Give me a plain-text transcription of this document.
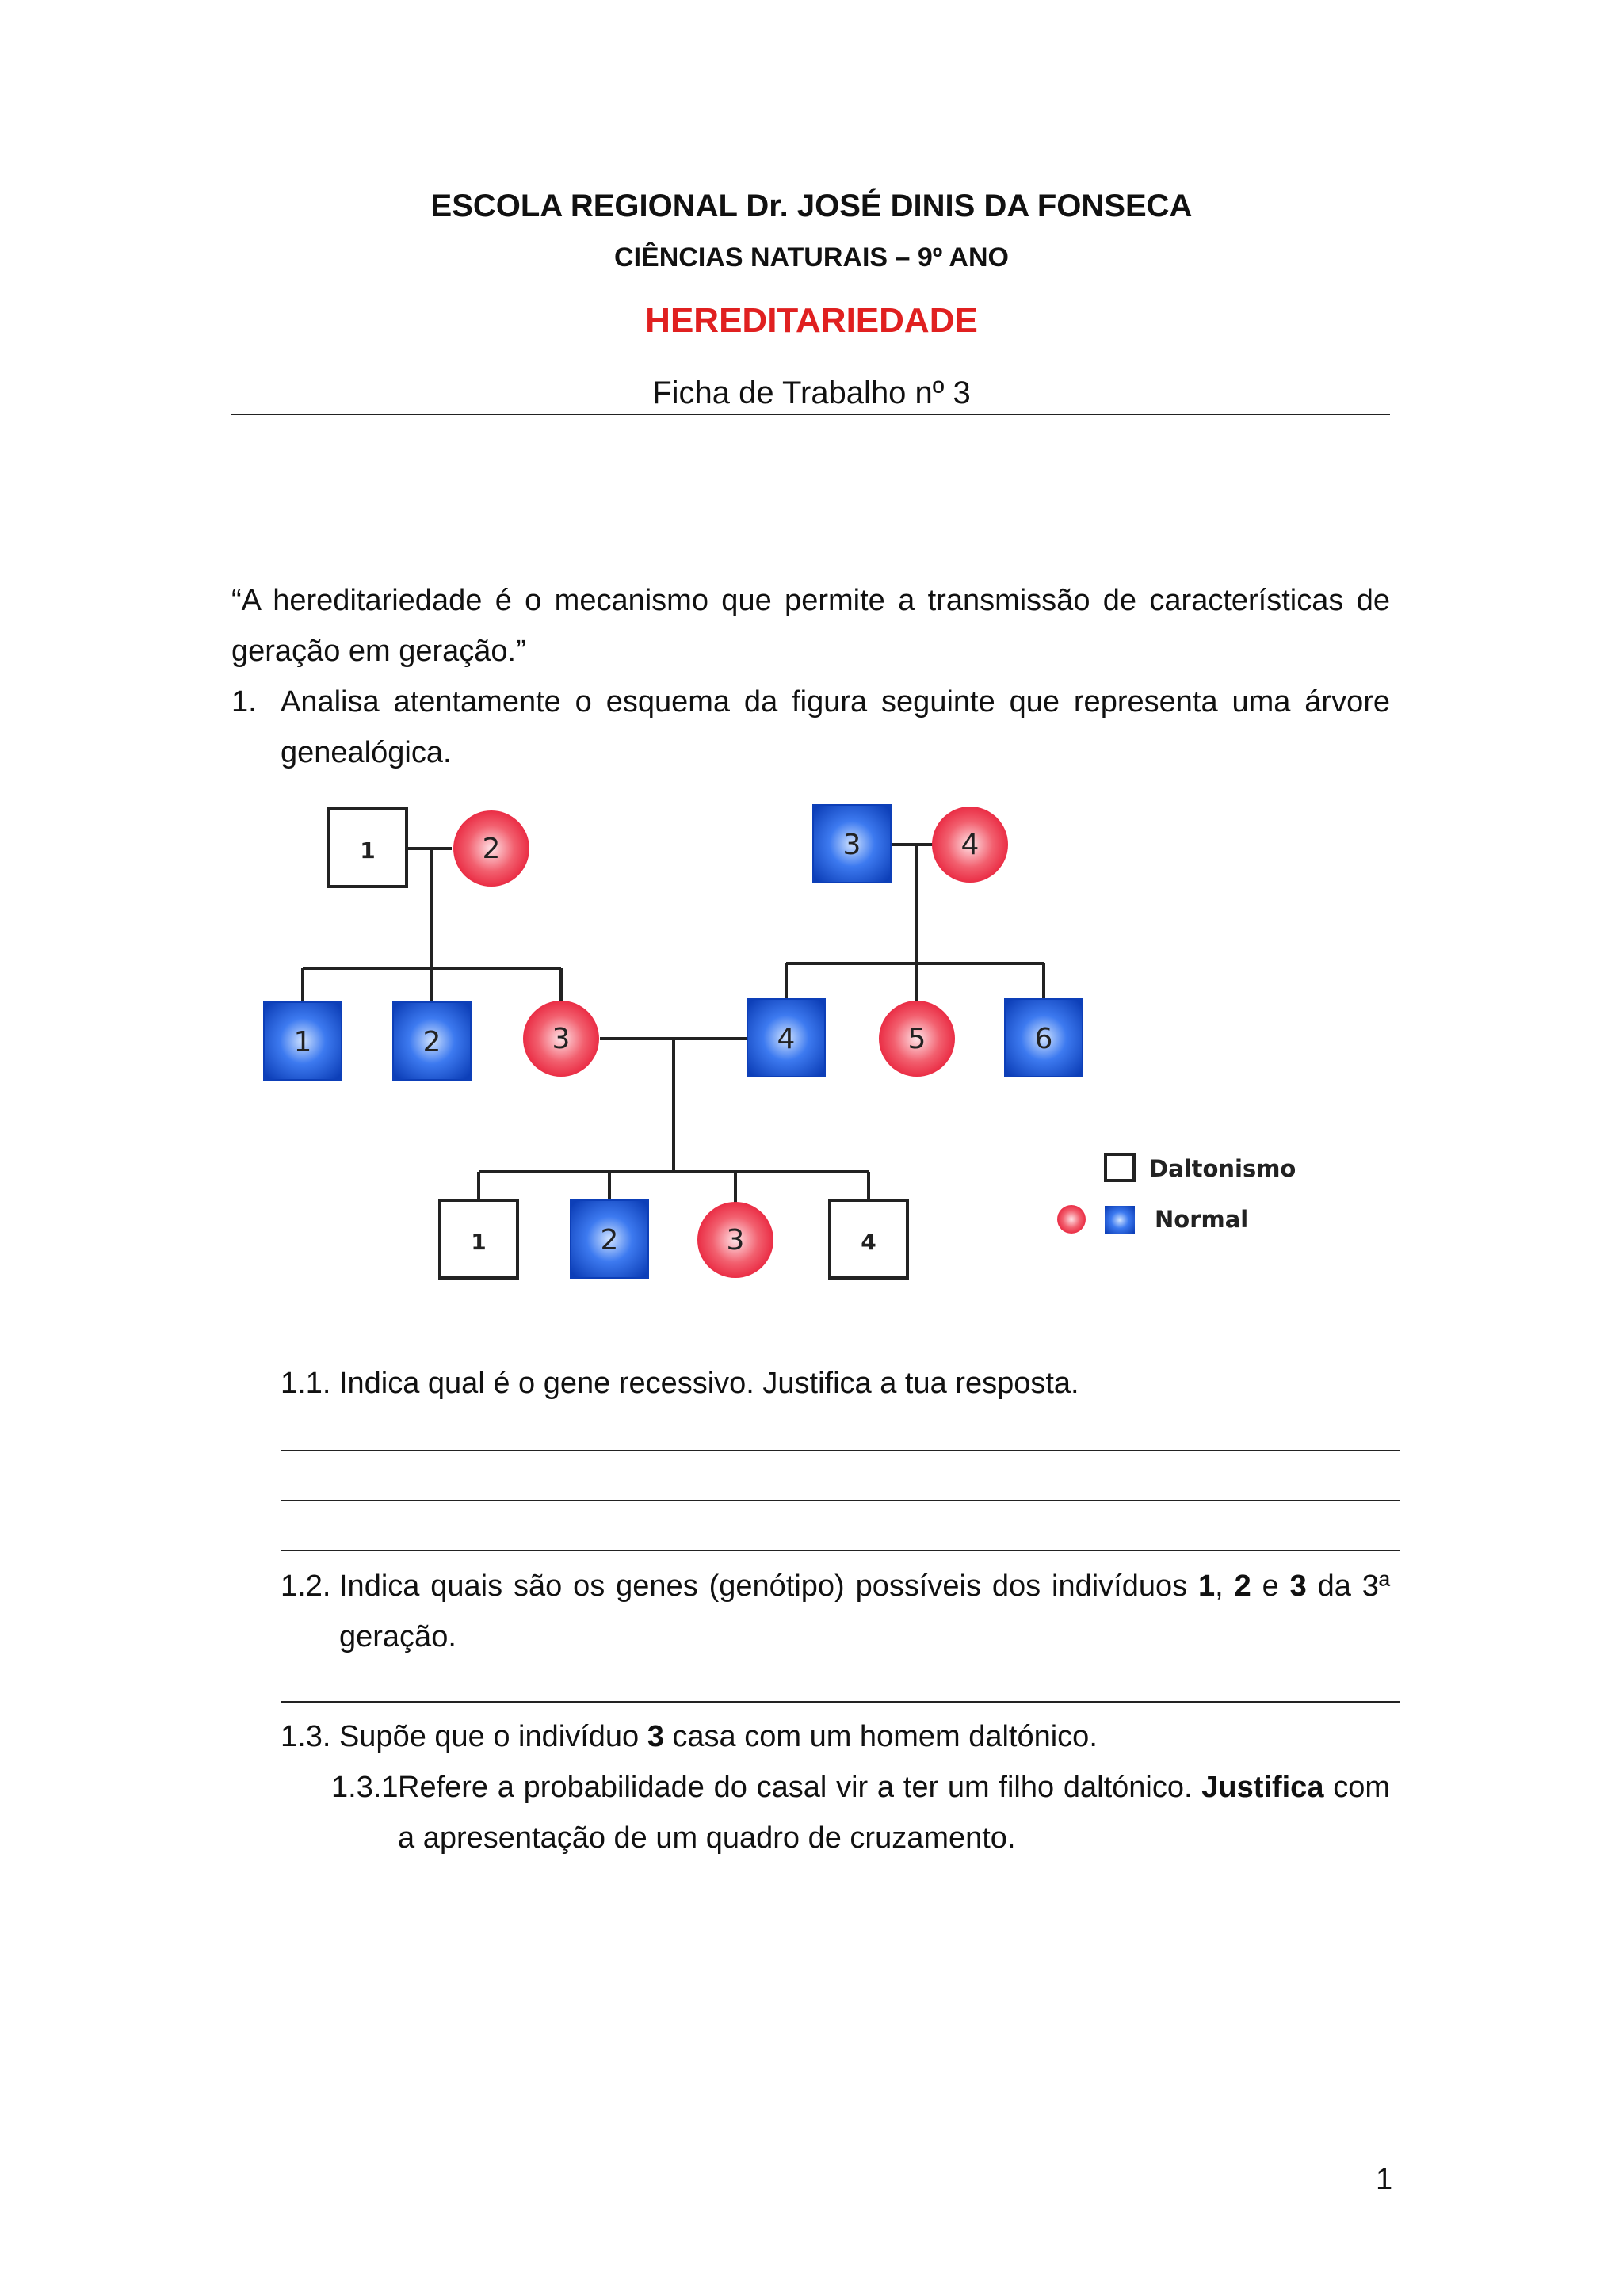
ESCOLA REGIONAL Dr. JOSÉ DINIS DA FONSECA
CIÊNCIAS NATURAIS – 9º ANO
HEREDITARIEDADE
Ficha de Trabalho nº 3
“A hereditariedade é o mecanismo que permite a transmissão de características de geração em geração.”
1. Analisa atentamente o esquema da figura seguinte que representa uma árvore genealógica.
1	2	3	4
1	2	3	4	5	6
1	2	3	4
Daltonismo
Normal
1.1. Indica qual é o gene recessivo. Justifica a tua resposta.
1.2. Indica quais são os genes (genótipo) possíveis dos indivíduos 1, 2 e 3 da 3ª geração.
1.3. Supõe que o indivíduo 3 casa com um homem daltónico.
1.3.1.
Refere a probabilidade do casal vir a ter um filho daltónico. Justifica com a apresentação de um quadro de cruzamento.
1
